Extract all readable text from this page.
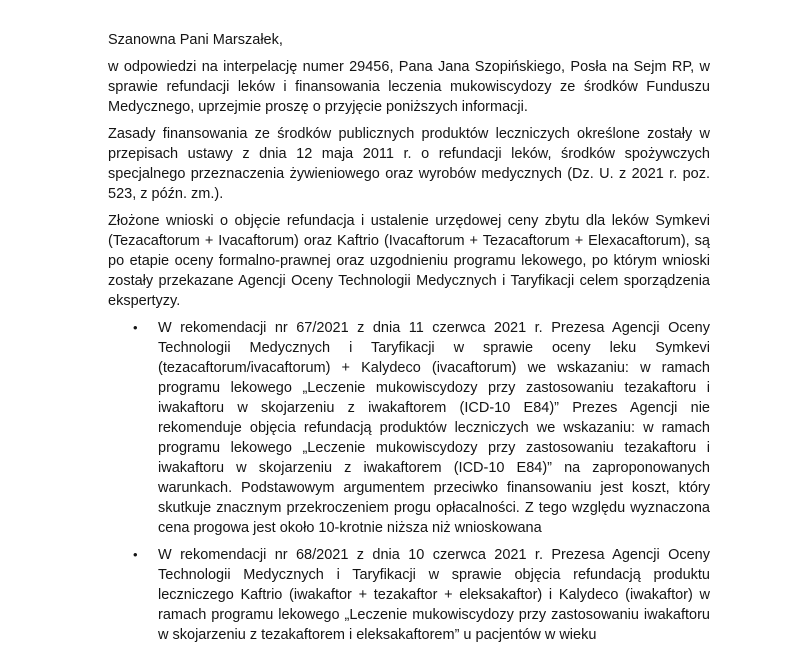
Szanowna Pani Marszałek,

w odpowiedzi na interpelację numer 29456, Pana Jana Szopińskiego, Posła na Sejm RP, w sprawie refundacji leków i finansowania leczenia mukowiscydozy ze środków Funduszu Medycznego, uprzejmie proszę o przyjęcie poniższych informacji.

Zasady finansowania ze środków publicznych produktów leczniczych określone zostały w przepisach ustawy z dnia 12 maja 2011 r. o refundacji leków, środków spożywczych specjalnego przeznaczenia żywieniowego oraz wyrobów medycznych (Dz. U. z 2021 r. poz. 523, z późn. zm.).

Złożone wnioski o objęcie refundacja i ustalenie urzędowej ceny zbytu dla leków Symkevi (Tezacaftorum + Ivacaftorum) oraz Kaftrio (Ivacaftorum + Tezacaftorum + Elexacaftorum), są po etapie oceny formalno-prawnej oraz uzgodnieniu programu lekowego, po którym wnioski zostały przekazane Agencji Oceny Technologii Medycznych i Taryfikacji celem sporządzenia ekspertyzy.

• W rekomendacji nr 67/2021 z dnia 11 czerwca 2021 r. Prezesa Agencji Oceny Technologii Medycznych i Taryfikacji w sprawie oceny leku Symkevi (tezacaftorum/ivacaftorum) + Kalydeco (ivacaftorum) we wskazaniu: w ramach programu lekowego „Leczenie mukowiscydozy przy zastosowaniu tezakaftoru i iwakaftoru w skojarzeniu z iwakaftorem (ICD-10 E84)” Prezes Agencji nie rekomenduje objęcia refundacją produktów leczniczych we wskazaniu: w ramach programu lekowego „Leczenie mukowiscydozy przy zastosowaniu tezakaftoru i iwakaftoru w skojarzeniu z iwakaftorem (ICD-10 E84)” na zaproponowanych warunkach. Podstawowym argumentem przeciwko finansowaniu jest koszt, który skutkuje znacznym przekroczeniem progu opłacalności. Z tego względu wyznaczona cena progowa jest około 10-krotnie niższa niż wnioskowana
• W rekomendacji nr 68/2021 z dnia 10 czerwca 2021 r. Prezesa Agencji Oceny Technologii Medycznych i Taryfikacji w sprawie objęcia refundacją produktu leczniczego Kaftrio (iwakaftor + tezakaftor + eleksakaftor) i Kalydeco (iwakaftor) w ramach programu lekowego „Leczenie mukowiscydozy przy zastosowaniu iwakaftoru w skojarzeniu z tezakaftorem i eleksakaftorem” u pacjentów w wieku
